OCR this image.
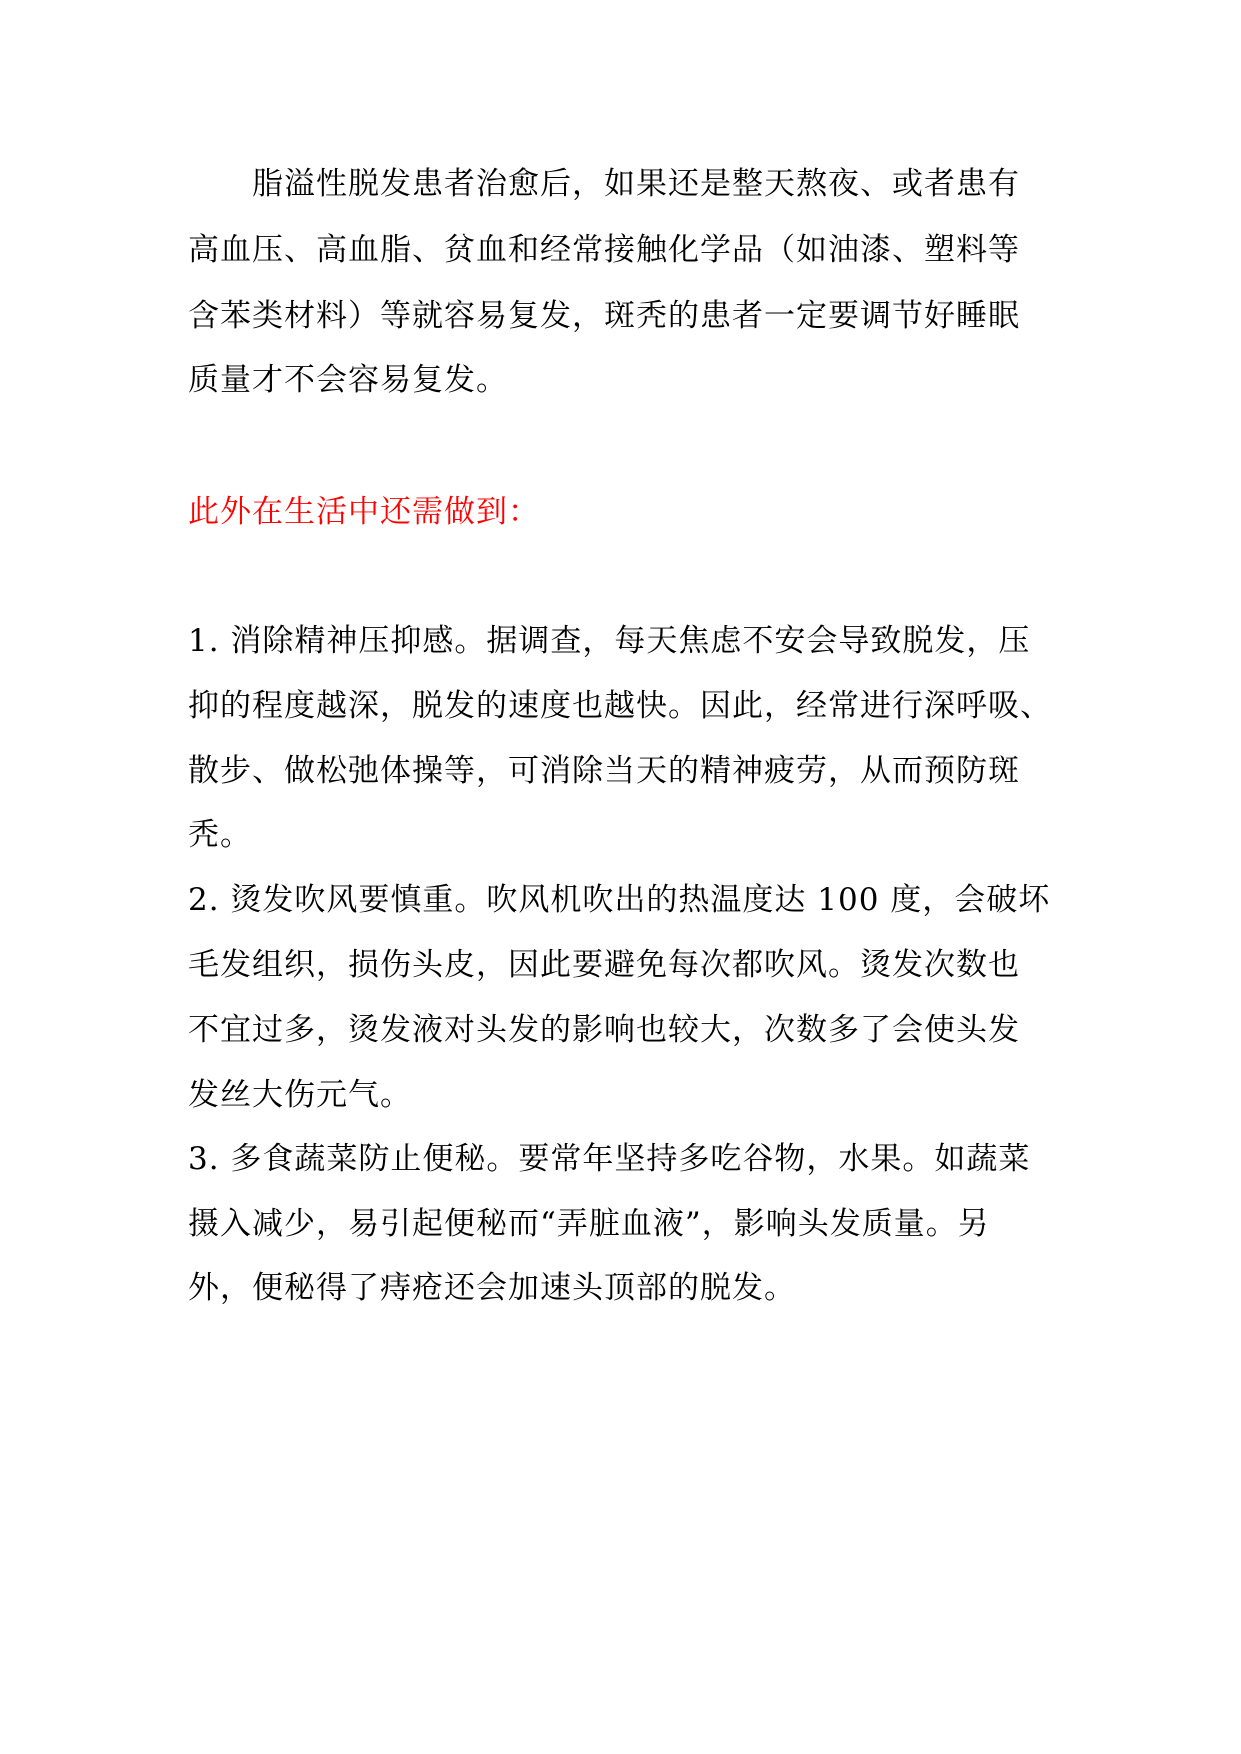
脂溢性脱发患者治愈后，如果还是整天熬夜、或者患有
高血压、高血脂、贫血和经常接触化学品（如油漆、塑料等
含苯类材料）等就容易复发，斑秃的患者一定要调节好睡眠
质量才不会容易复发。
此外在生活中还需做到：
1. 消除精神压抑感。据调查，每天焦虑不安会导致脱发，压
抑的程度越深，脱发的速度也越快。因此，经常进行深呼吸、
散步、做松弛体操等，可消除当天的精神疲劳，从而预防斑
秃。
2. 烫发吹风要慎重。吹风机吹出的热温度达 100 度，会破坏
毛发组织，损伤头皮，因此要避免每次都吹风。烫发次数也
不宜过多，烫发液对头发的影响也较大，次数多了会使头发
发丝大伤元气。
3. 多食蔬菜防止便秘。要常年坚持多吃谷物，水果。如蔬菜
摄入减少，易引起便秘而“弄脏血液”，影响头发质量。另
外，便秘得了痔疮还会加速头顶部的脱发。
